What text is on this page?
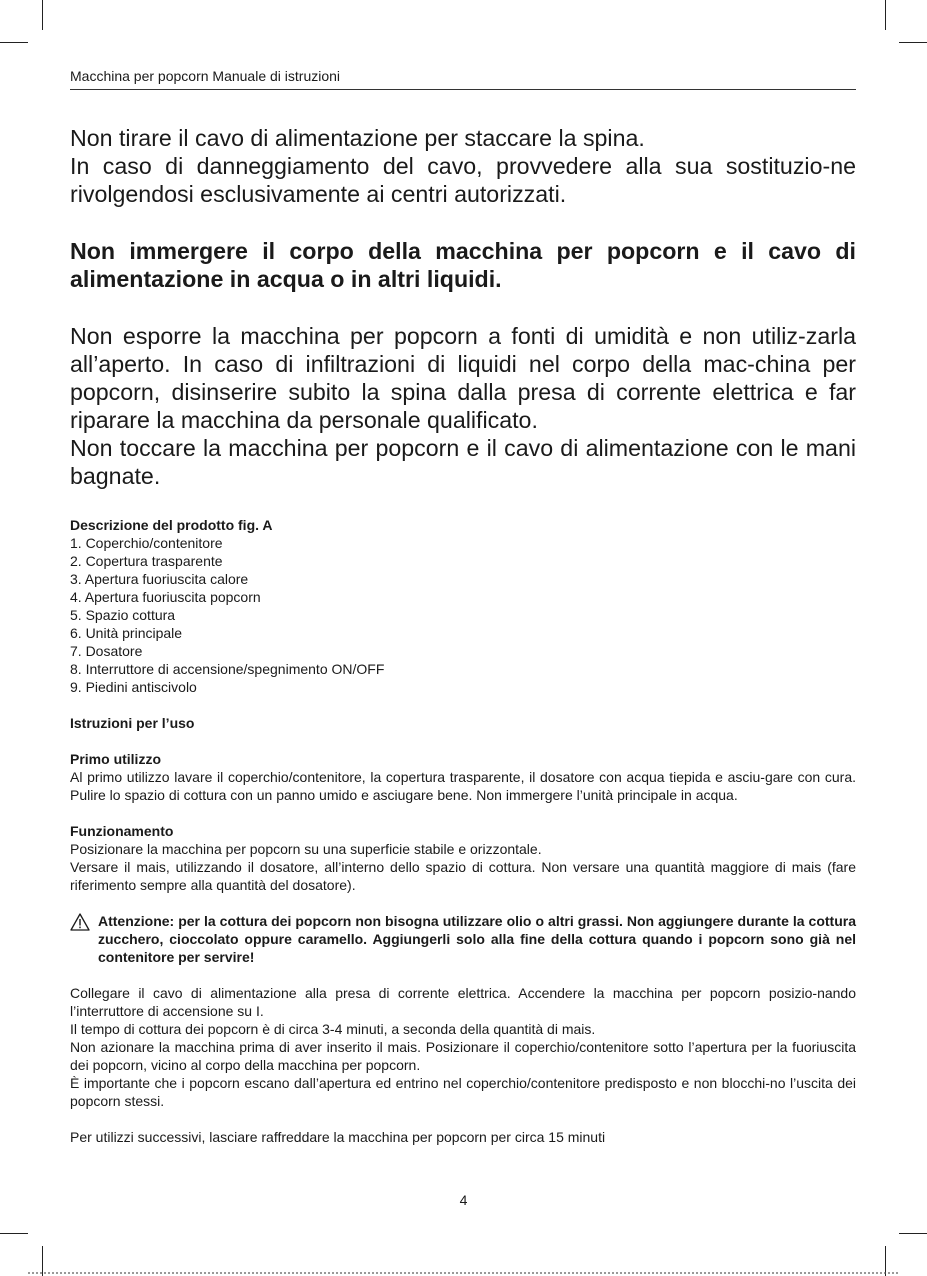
Macchina per popcorn Manuale di istruzioni

Non tirare il cavo di alimentazione per staccare la spina.

In caso di danneggiamento del cavo, provvedere alla sua sostituzio-ne rivolgendosi esclusivamente ai centri autorizzati.

Non immergere il corpo della macchina per popcorn e il cavo di alimentazione in acqua o in altri liquidi.

Non esporre la macchina per popcorn a fonti di umidità e non utiliz-zarla all’aperto. In caso di infiltrazioni di liquidi nel corpo della mac-china per popcorn, disinserire subito la spina dalla presa di corrente elettrica e far riparare la macchina da personale qualificato.

Non toccare la macchina per popcorn e il cavo di alimentazione con le mani bagnate.

Descrizione del prodotto fig. A

1. Coperchio/contenitore

2. Copertura trasparente

3. Apertura fuoriuscita calore

4. Apertura fuoriuscita popcorn

5. Spazio cottura

6. Unità principale

7. Dosatore

8. Interruttore di accensione/spegnimento ON/OFF

9. Piedini antiscivolo

Istruzioni per l’uso

Primo utilizzo

Al primo utilizzo lavare il coperchio/contenitore, la copertura trasparente, il dosatore con acqua tiepida e asciu-gare con cura. Pulire lo spazio di cottura con un panno umido e asciugare bene. Non immergere l’unità principale in acqua.

Funzionamento

Posizionare la macchina per popcorn su una superficie stabile e orizzontale.

Versare il mais, utilizzando il dosatore, all’interno dello spazio di cottura. Non versare una quantità maggiore di mais (fare riferimento sempre alla quantità del dosatore).

Attenzione: per la cottura dei popcorn non bisogna utilizzare olio o altri grassi. Non aggiungere durante la cottura zucchero, cioccolato oppure caramello. Aggiungerli solo alla fine della cottura quando i popcorn sono già nel contenitore per servire!

Collegare il cavo di alimentazione alla presa di corrente elettrica. Accendere la macchina per popcorn posizio-nando l’interruttore di accensione su I.

Il tempo di cottura dei popcorn è di circa 3-4 minuti, a seconda della quantità di mais.

Non azionare la macchina prima di aver inserito il mais. Posizionare il coperchio/contenitore sotto l’apertura per la fuoriuscita dei popcorn, vicino al corpo della macchina per popcorn.

È importante che i popcorn escano dall’apertura ed entrino nel coperchio/contenitore predisposto e non blocchi-no l’uscita dei popcorn stessi.

Per utilizzi successivi, lasciare raffreddare la macchina per popcorn per circa 15 minuti

4
